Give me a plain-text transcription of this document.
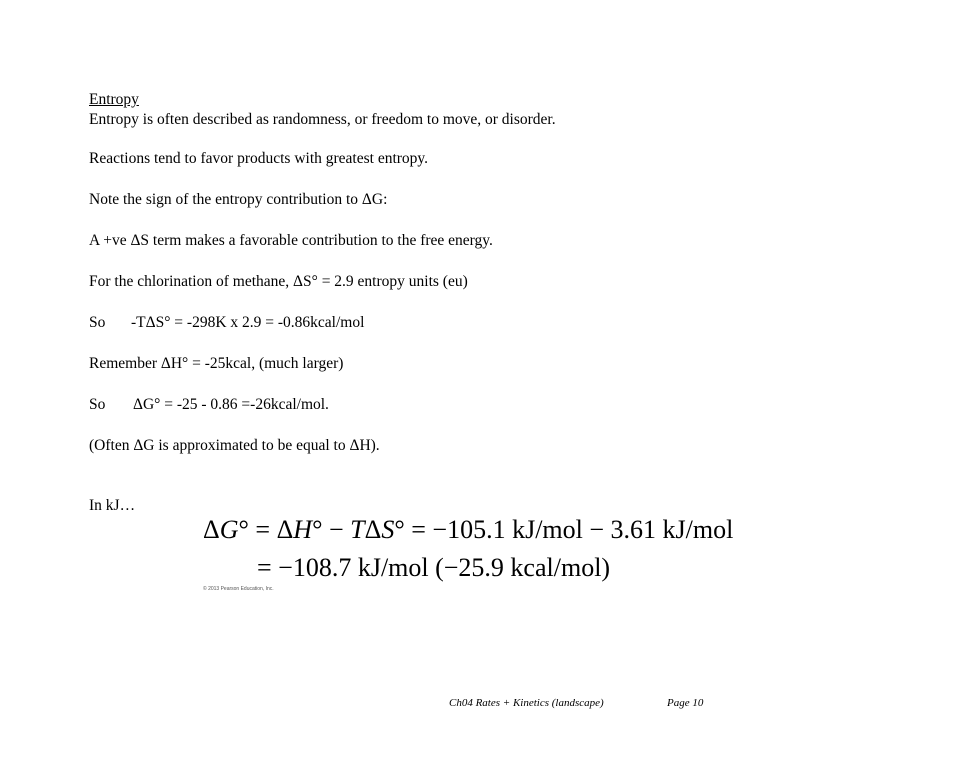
Entropy
Entropy is often described as randomness, or freedom to move, or disorder.
Reactions tend to favor products with greatest entropy.
Note the sign of the entropy contribution to ΔG:
A +ve ΔS term makes a favorable contribution to the free energy.
For the chlorination of methane, ΔS° = 2.9 entropy units (eu)
So -TΔS° = -298K x 2.9 = -0.86kcal/mol
Remember ΔH° = -25kcal, (much larger)
So ΔG° = -25 - 0.86 =-26kcal/mol.
(Often ΔG is approximated to be equal to ΔH).
In kJ…
ΔG° = ΔH° − TΔS° = −105.1 kJ/mol − 3.61 kJ/mol
= −108.7 kJ/mol (−25.9 kcal/mol)
© 2013 Pearson Education, Inc.
Ch04 Rates + Kinetics (landscape)	Page 10
